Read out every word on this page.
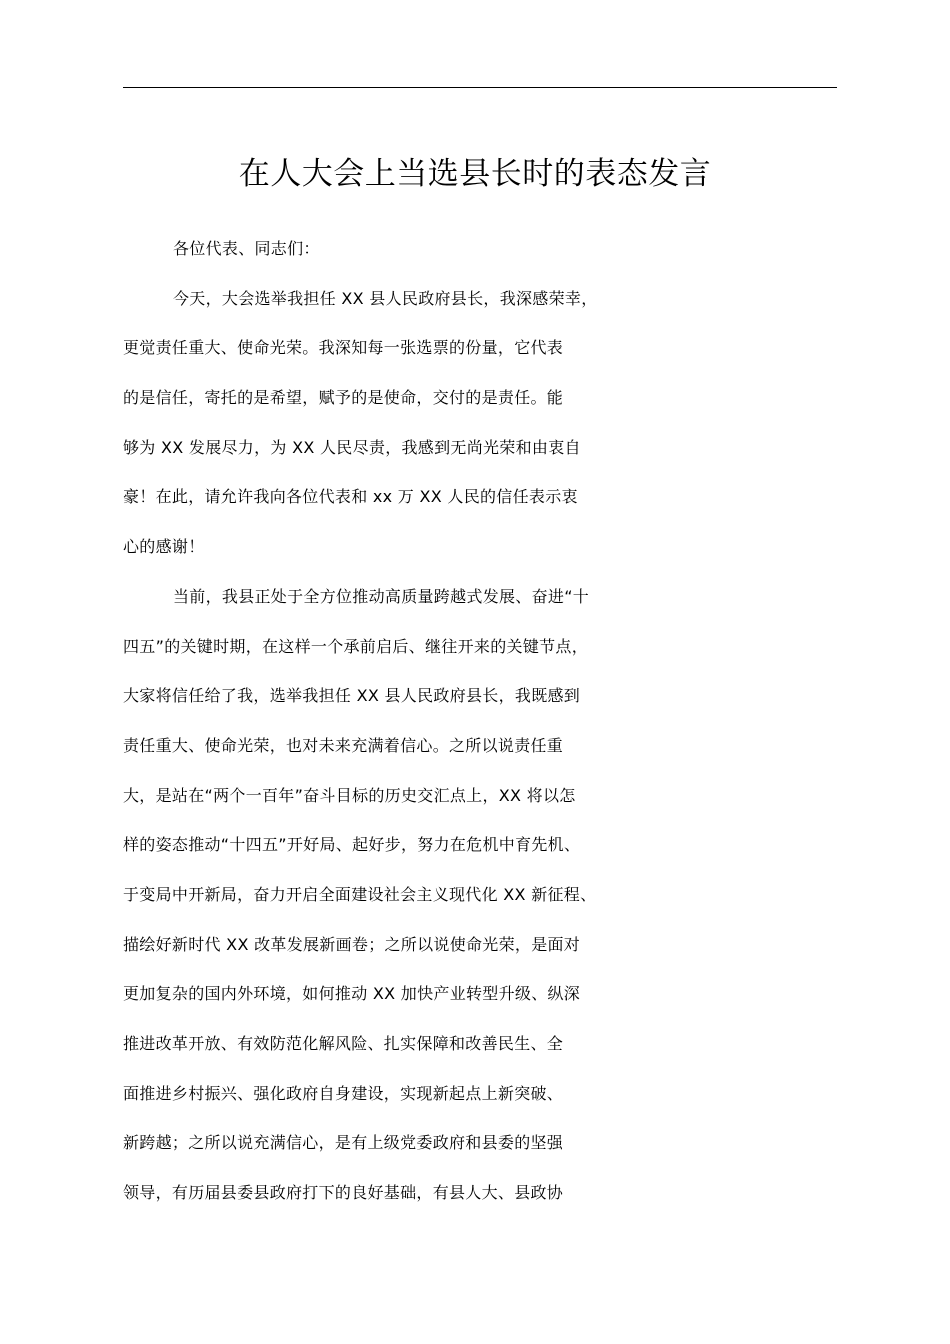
在人大会上当选县长时的表态发言
各位代表、同志们：
今天，大会选举我担任 XX 县人民政府县长，我深感荣幸，
更觉责任重大、使命光荣。我深知每一张选票的份量，它代表
的是信任，寄托的是希望，赋予的是使命，交付的是责任。能
够为 XX 发展尽力，为 XX 人民尽责，我感到无尚光荣和由衷自
豪！在此，请允许我向各位代表和 xx 万 XX 人民的信任表示衷
心的感谢！
当前，我县正处于全方位推动高质量跨越式发展、奋进“十
四五”的关键时期，在这样一个承前启后、继往开来的关键节点，
大家将信任给了我，选举我担任 XX 县人民政府县长，我既感到
责任重大、使命光荣，也对未来充满着信心。之所以说责任重
大，是站在“两个一百年”奋斗目标的历史交汇点上，XX 将以怎
样的姿态推动“十四五”开好局、起好步，努力在危机中育先机、
于变局中开新局，奋力开启全面建设社会主义现代化 XX 新征程、
描绘好新时代 XX 改革发展新画卷；之所以说使命光荣，是面对
更加复杂的国内外环境，如何推动 XX 加快产业转型升级、纵深
推进改革开放、有效防范化解风险、扎实保障和改善民生、全
面推进乡村振兴、强化政府自身建设，实现新起点上新突破、
新跨越；之所以说充满信心，是有上级党委政府和县委的坚强
领导，有历届县委县政府打下的良好基础，有县人大、县政协
